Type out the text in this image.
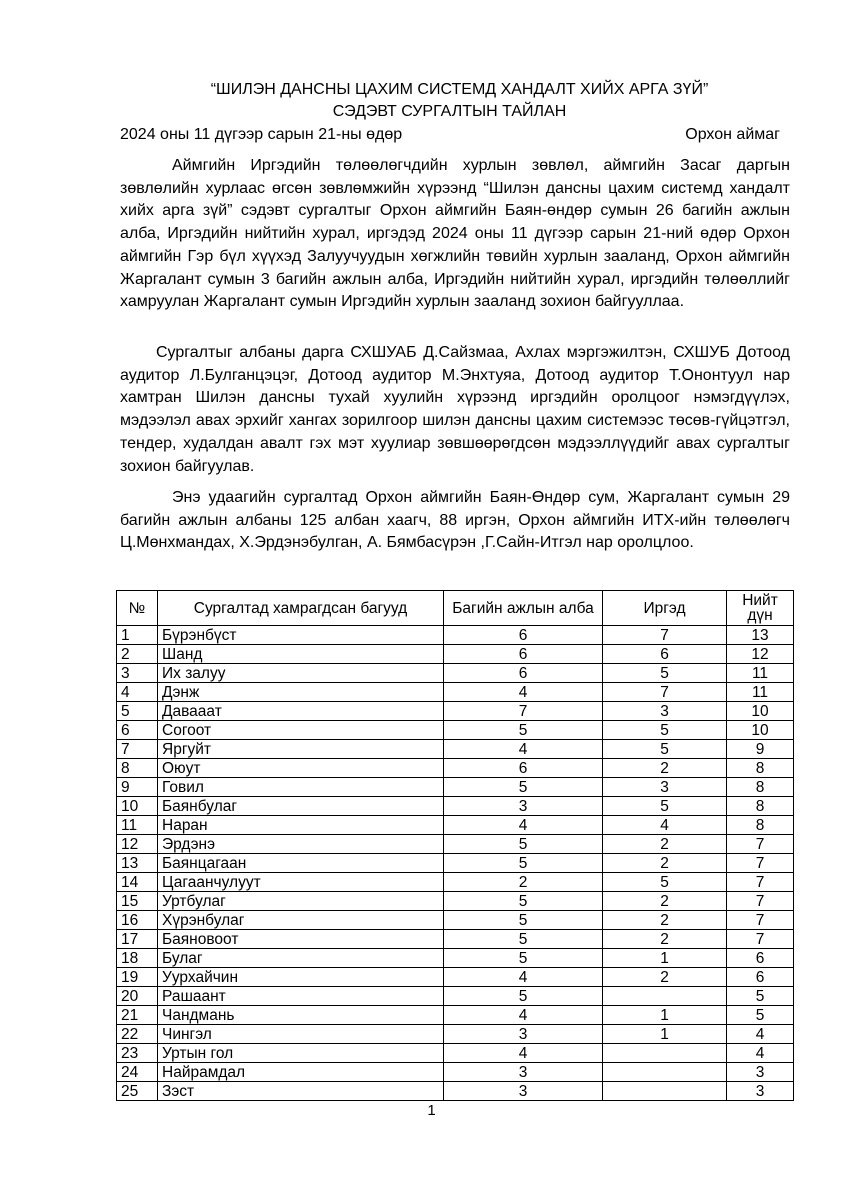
“ШИЛЭН ДАНСНЫ ЦАХИМ СИСТЕМД ХАНДАЛТ ХИЙХ АРГА ЗҮЙ”
СЭДЭВТ СУРГАЛТЫН ТАЙЛАН
2024 оны 11 дүгээр сарын 21-ны өдөр	Орхон аймаг

Аймгийн Иргэдийн төлөөлөгчдийн хурлын зөвлөл, аймгийн Засаг даргын зөвлөлийн хурлаас өгсөн зөвлөмжийн хүрээнд “Шилэн дансны цахим системд хандалт хийх арга зүй” сэдэвт сургалтыг Орхон аймгийн Баян-өндөр сумын 26 багийн ажлын алба, Иргэдийн нийтийн хурал, иргэдэд 2024 оны 11 дүгээр сарын 21-ний өдөр Орхон аймгийн Гэр бүл хүүхэд Залуучуудын хөгжлийн төвийн хурлын зааланд, Орхон аймгийн Жаргалант сумын 3 багийн ажлын алба, Иргэдийн нийтийн хурал, иргэдийн төлөөллийг хамруулан Жаргалант сумын Иргэдийн хурлын зааланд зохион байгууллаа.

Сургалтыг албаны дарга СХШУАБ Д.Сайзмаа, Ахлах мэргэжилтэн, СХШУБ Дотоод аудитор Л.Булганцэцэг, Дотоод аудитор М.Энхтуяа, Дотоод аудитор Т.Ононтуул нар хамтран Шилэн дансны тухай хуулийн хүрээнд иргэдийн оролцоог нэмэгдүүлэх, мэдээлэл авах эрхийг хангах зорилгоор шилэн дансны цахим системээс төсөв-гүйцэтгэл, тендер, худалдан авалт гэх мэт хуулиар зөвшөөрөгдсөн мэдээллүүдийг авах сургалтыг зохион байгуулав.

Энэ удаагийн сургалтад Орхон аймгийн Баян-Өндөр сум, Жаргалант сумын 29 багийн ажлын албаны 125 албан хаагч, 88 иргэн, Орхон аймгийн ИТХ-ийн төлөөлөгч Ц.Мөнхмандах, Х.Эрдэнэбулган, А. Бямбасүрэн ,Г.Сайн-Итгэл нар оролцлоо.

№	Сургалтад хамрагдсан багууд	Багийн ажлын алба	Иргэд	Нийт дүн
1	Бүрэнбүст	6	7	13
2	Шанд	6	6	12
3	Их залуу	6	5	11
4	Дэнж	4	7	11
5	Даваaат	7	3	10
6	Согоот	5	5	10
7	Яргуйт	4	5	9
8	Оюут	6	2	8
9	Говил	5	3	8
10	Баянбулаг	3	5	8
11	Наран	4	4	8
12	Эрдэнэ	5	2	7
13	Баянцагаан	5	2	7
14	Цагаанчулуут	2	5	7
15	Уртбулаг	5	2	7
16	Хүрэнбулаг	5	2	7
17	Баяновоот	5	2	7
18	Булаг	5	1	6
19	Уурхайчин	4	2	6
20	Рашаант	5		5
21	Чандмань	4	1	5
22	Чингэл	3	1	4
23	Уртын гол	4		4
24	Найрамдал	3		3
25	Зэст	3		3
1
